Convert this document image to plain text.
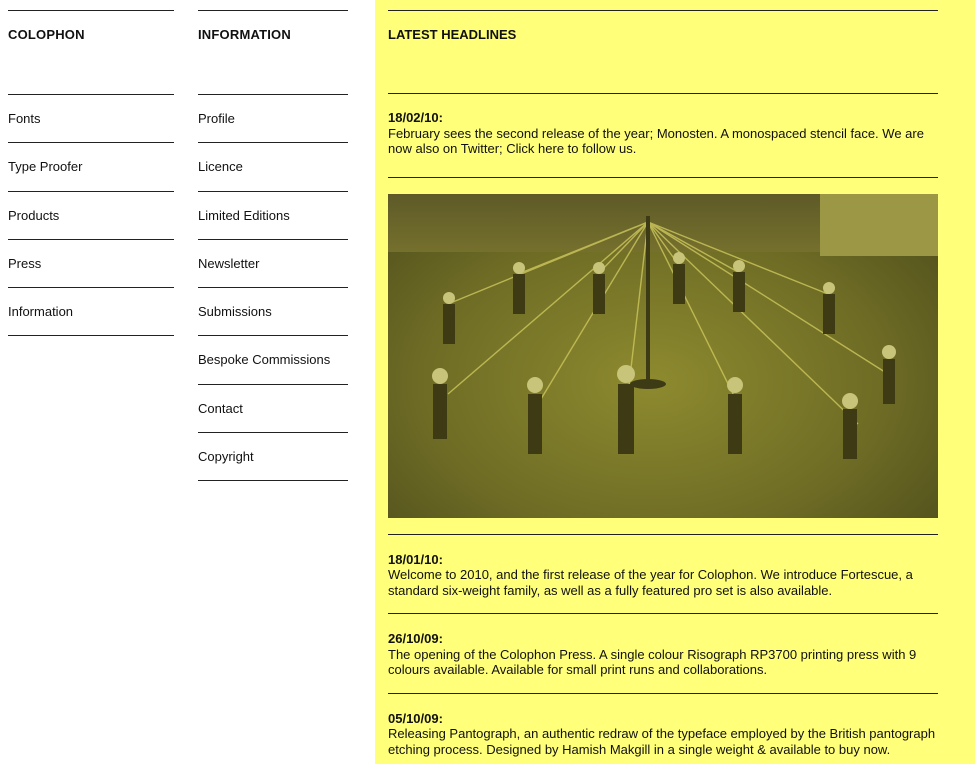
COLOPHON
Fonts
Type Proofer
Products
Press
Information
INFORMATION
Profile
Licence
Limited Editions
Newsletter
Submissions
Bespoke Commissions
Contact
Copyright
LATEST HEADLINES
18/02/10:
February sees the second release of the year; Monosten. A monospaced stencil face. We are now also on Twitter; Click here to follow us.
18/01/10:
Welcome to 2010, and the first release of the year for Colophon. We introduce Fortescue, a standard six-weight family, as well as a fully featured pro set is also available.
26/10/09:
The opening of the Colophon Press. A single colour Risograph RP3700 printing press with 9 colours available. Available for small print runs and collaborations.
05/10/09:
Releasing Pantograph, an authentic redraw of the typeface employed by the British pantograph etching process. Designed by Hamish Makgill in a single weight & available to buy now.
